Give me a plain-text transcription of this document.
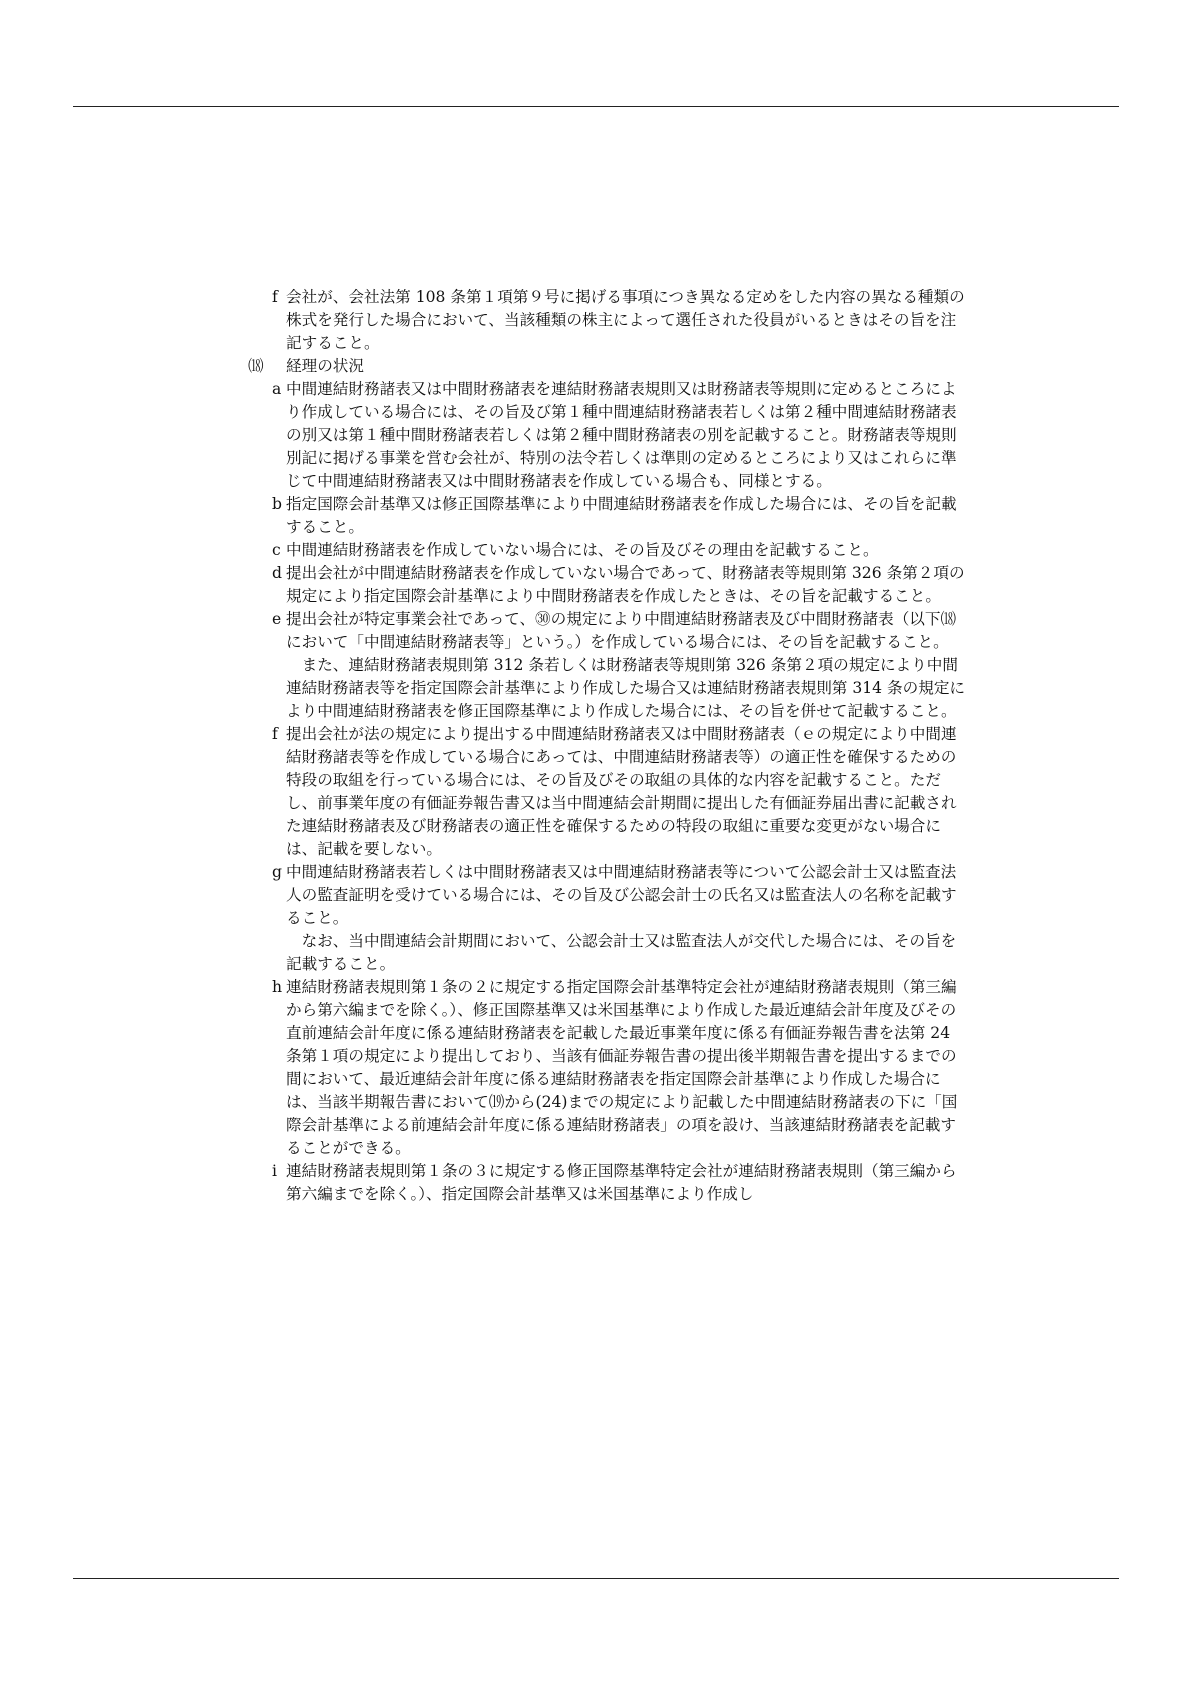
f 会社が、会社法第 108 条第１項第９号に掲げる事項につき異なる定めをした内容の異なる種類の株式を発行した場合において、当該種類の株主によって選任された役員がいるときはその旨を注記すること。
⒅ 経理の状況
a 中間連結財務諸表又は中間財務諸表を連結財務諸表規則又は財務諸表等規則に定めるところにより作成している場合には、その旨及び第１種中間連結財務諸表若しくは第２種中間連結財務諸表の別又は第１種中間財務諸表若しくは第２種中間財務諸表の別を記載すること。財務諸表等規則別記に掲げる事業を営む会社が、特別の法令若しくは準則の定めるところにより又はこれらに準じて中間連結財務諸表又は中間財務諸表を作成している場合も、同様とする。
b 指定国際会計基準又は修正国際基準により中間連結財務諸表を作成した場合には、その旨を記載すること。
c 中間連結財務諸表を作成していない場合には、その旨及びその理由を記載すること。
d 提出会社が中間連結財務諸表を作成していない場合であって、財務諸表等規則第 326 条第２項の規定により指定国際会計基準により中間財務諸表を作成したときは、その旨を記載すること。
e 提出会社が特定事業会社であって、㉚の規定により中間連結財務諸表及び中間財務諸表（以下⒅において「中間連結財務諸表等」という。）を作成している場合には、その旨を記載すること。
また、連結財務諸表規則第 312 条若しくは財務諸表等規則第 326 条第２項の規定により中間連結財務諸表等を指定国際会計基準により作成した場合又は連結財務諸表規則第 314 条の規定により中間連結財務諸表を修正国際基準により作成した場合には、その旨を併せて記載すること。
f 提出会社が法の規定により提出する中間連結財務諸表又は中間財務諸表（ｅの規定により中間連結財務諸表等を作成している場合にあっては、中間連結財務諸表等）の適正性を確保するための特段の取組を行っている場合には、その旨及びその取組の具体的な内容を記載すること。ただし、前事業年度の有価証券報告書又は当中間連結会計期間に提出した有価証券届出書に記載された連結財務諸表及び財務諸表の適正性を確保するための特段の取組に重要な変更がない場合には、記載を要しない。
g 中間連結財務諸表若しくは中間財務諸表又は中間連結財務諸表等について公認会計士又は監査法人の監査証明を受けている場合には、その旨及び公認会計士の氏名又は監査法人の名称を記載すること。
なお、当中間連結会計期間において、公認会計士又は監査法人が交代した場合には、その旨を記載すること。
h 連結財務諸表規則第１条の２に規定する指定国際会計基準特定会社が連結財務諸表規則（第三編から第六編までを除く。）、修正国際基準又は米国基準により作成した最近連結会計年度及びその直前連結会計年度に係る連結財務諸表を記載した最近事業年度に係る有価証券報告書を法第 24 条第１項の規定により提出しており、当該有価証券報告書の提出後半期報告書を提出するまでの間において、最近連結会計年度に係る連結財務諸表を指定国際会計基準により作成した場合には、当該半期報告書において⒆から(24)までの規定により記載した中間連結財務諸表の下に「国際会計基準による前連結会計年度に係る連結財務諸表」の項を設け、当該連結財務諸表を記載することができる。
i 連結財務諸表規則第１条の３に規定する修正国際基準特定会社が連結財務諸表規則（第三編から第六編までを除く。）、指定国際会計基準又は米国基準により作成し
